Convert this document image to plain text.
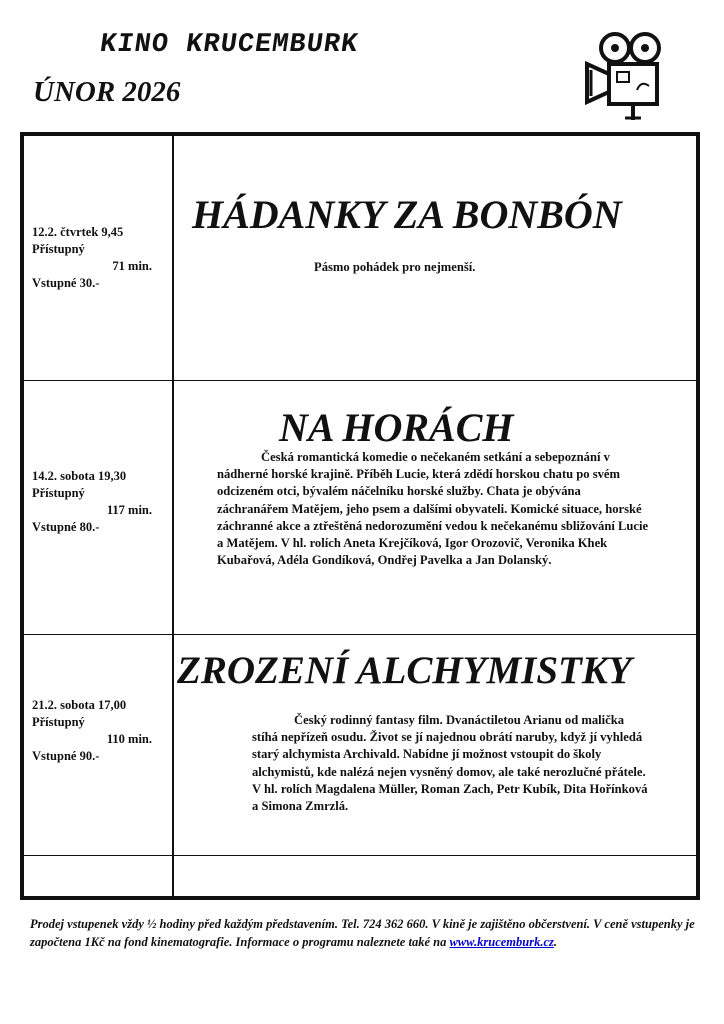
KINO KRUCEMBURK
ÚNOR 2026
12.2. čtvrtek 9,45
Přístupný
71 min.
Vstupné 30.-
HÁDANKY ZA BONBÓN
Pásmo pohádek pro nejmenší.
14.2. sobota 19,30
Přístupný
117 min.
Vstupné 80.-
NA HORÁCH
Česká romantická komedie o nečekaném setkání a sebepoznání v nádherné horské krajině. Příběh Lucie, která zdědí horskou chatu po svém odcizeném otci, bývalém náčelníku horské služby. Chata je obývána záchranářem Matějem, jeho psem a dalšími obyvateli. Komické situace, horské záchranné akce a ztřeštěná nedorozumění vedou k nečekanému sbližování Lucie a Matějem. V hl. rolích Aneta Krejčíková, Igor Orozovič, Veronika Khek Kubařová, Adéla Gondíková, Ondřej Pavelka a Jan Dolanský.
21.2. sobota 17,00
Přístupný
110 min.
Vstupné 90.-
ZROZENÍ ALCHYMISTKY
Český rodinný fantasy film. Dvanáctiletou Arianu od malička stíhá nepřízeň osudu. Život se jí najednou obrátí naruby, když jí vyhledá starý alchymista Archivald. Nabídne jí možnost vstoupit do školy alchymistů, kde nalézá nejen vysněný domov, ale také nerozlučné přátele. V hl. rolích Magdalena Müller, Roman Zach, Petr Kubík, Dita Hořínková a Simona Zmrzlá.
Prodej vstupenek vždy ½ hodiny před každým představením. Tel. 724 362 660. V kině je zajištěno občerstvení. V ceně vstupenky je započtena 1Kč na fond kinematografie. Informace o programu naleznete také na www.krucemburk.cz.
